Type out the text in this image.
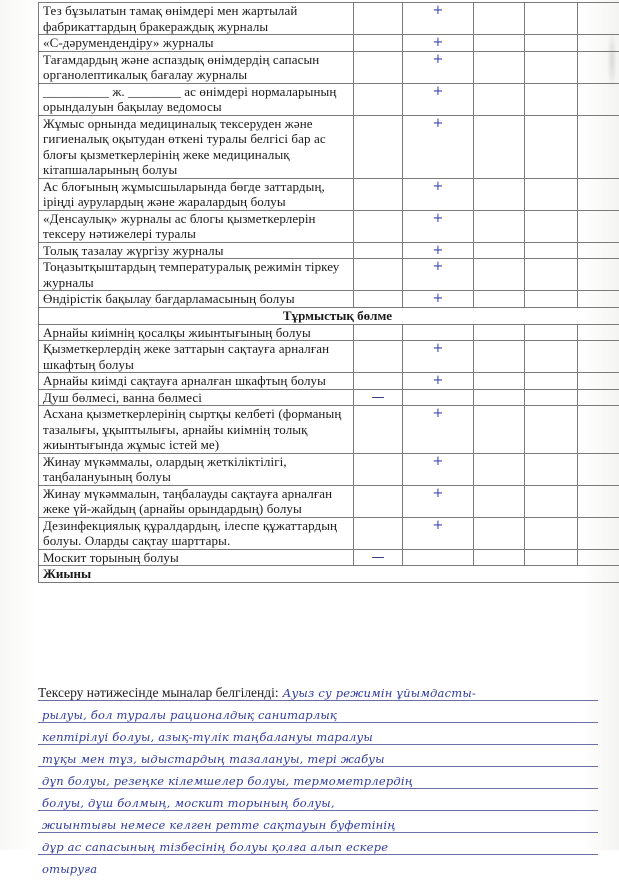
Тез бұзылатын тамақ өнімдері мен жартылай фабрикаттардың бракераждық журналы		+			
«С-дәрумендендіру» журналы		+			
Тағамдардың және аспаздық өнімдердің сапасын органолептикалық бағалау журналы		+			
__________ ж. ________ ас өнімдері нормаларының орындалуын бақылау ведомосы		+			
Жұмыс орнында медициналық тексеруден және гигиеналық оқытудан өткені туралы белгісі бар ас блоғы қызметкерлерінің жеке медициналық кітапшаларының болуы		+			
Ас блоғының жұмысшыларында бөгде заттардың, іріңді аурулардың және жаралардың болуы		+			
«Денсаулық» журналы ас блогы қызметкерлерін тексеру нәтижелері туралы		+			
Толық тазалау жүргізу журналы		+			
Тоңазытқыштардың температуралық режимін тіркеу журналы		+			
Өндірістік бақылау бағдарламасының болуы		+			
Тұрмыстық бөлме					
Арнайы киімнің қосалқы жиынтығының болуы					
Қызметкерлердің жеке заттарын сақтауға арналған шкафтың болуы		+			
Арнайы киімді сақтауға арналған шкафтың болуы		+			
Душ бөлмесі, ванна бөлмесі	—				
Асхана қызметкерлерінің сыртқы келбеті (форманың тазалығы, ұқыптылығы, арнайы киімнің толық жиынтығында жұмыс істей ме)		+			
Жинау мүкәммалы, олардың жеткіліктілігі, таңбалануының болуы		+			
Жинау мүкәммалын, таңбалауды сақтауға арналған жеке үй-жайдың (арнайы орындардың) болуы		+			
Дезинфекциялық құралдардың, ілеспе құжаттардың болуы. Оларды сақтау шарттары.		+			
Москит торының болуы	—				
Жиыны					
Тексеру нәтижесінде мыналар белгіленді: Ауыз су режимін ұйымдасты-
рылуы, бол туралы рационалдық санитарлық
кептірілуі болуы, азық-түлік таңбалануы таралуы
тұқы мен тұз, ыдыстардың тазалануы, тері жабуы
дұп болуы, резеңке кілемшелер болуы, термометрлердің
болуы, дұш болмың, москит торының болуы,
жиынтығы немесе келген ретте сақтауын буфетінің
дұр ас сапасының тізбесінің болуы қолға алып ескере
отыруға
